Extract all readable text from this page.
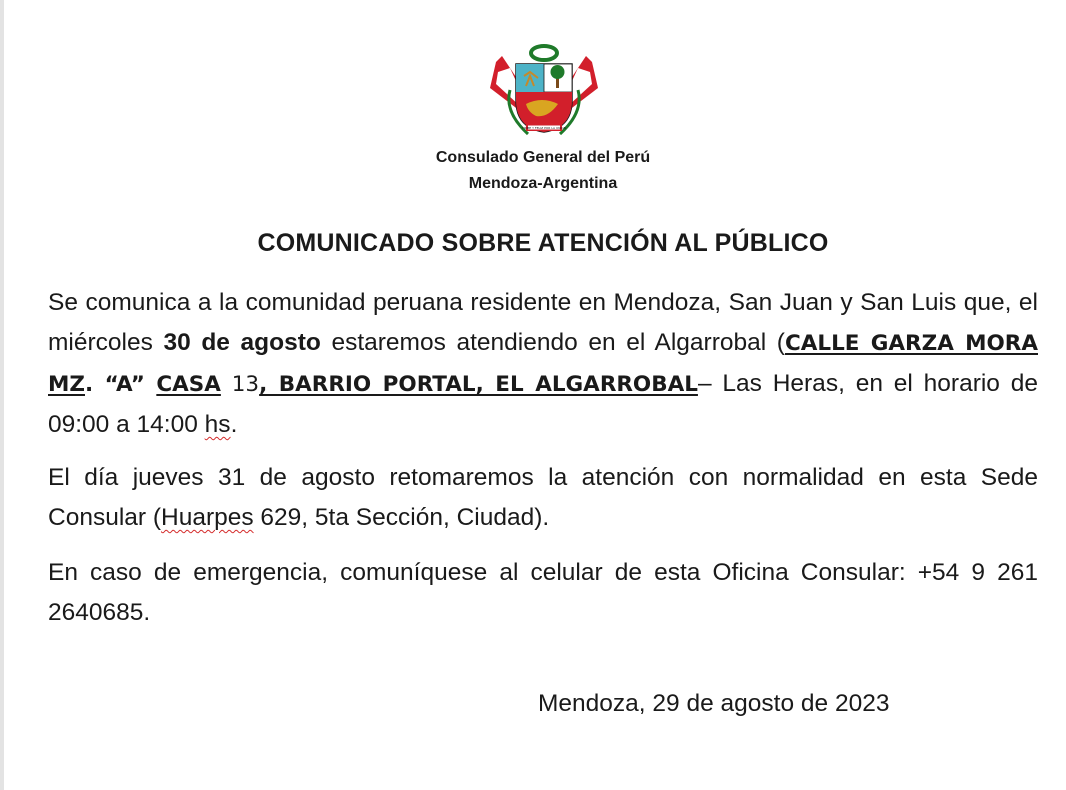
FIRME Y FELIZ POR LA UNION
Consulado General del Perú
Mendoza-Argentina
COMUNICADO SOBRE ATENCIÓN AL PÚBLICO
Se comunica a la comunidad peruana residente en Mendoza, San Juan y San Luis que, el miércoles 30 de agosto estaremos atendiendo en el Algarrobal (CALLE GARZA MORA MZ. “A” CASA 13, BARRIO PORTAL, EL ALGARROBAL– Las Heras, en el horario de 09:00 a 14:00 hs.
El día jueves 31 de agosto retomaremos la atención con normalidad en esta Sede Consular (Huarpes 629, 5ta Sección, Ciudad).
En caso de emergencia, comuníquese al celular de esta Oficina Consular: +54 9 261 2640685.
Mendoza, 29 de agosto de 2023
